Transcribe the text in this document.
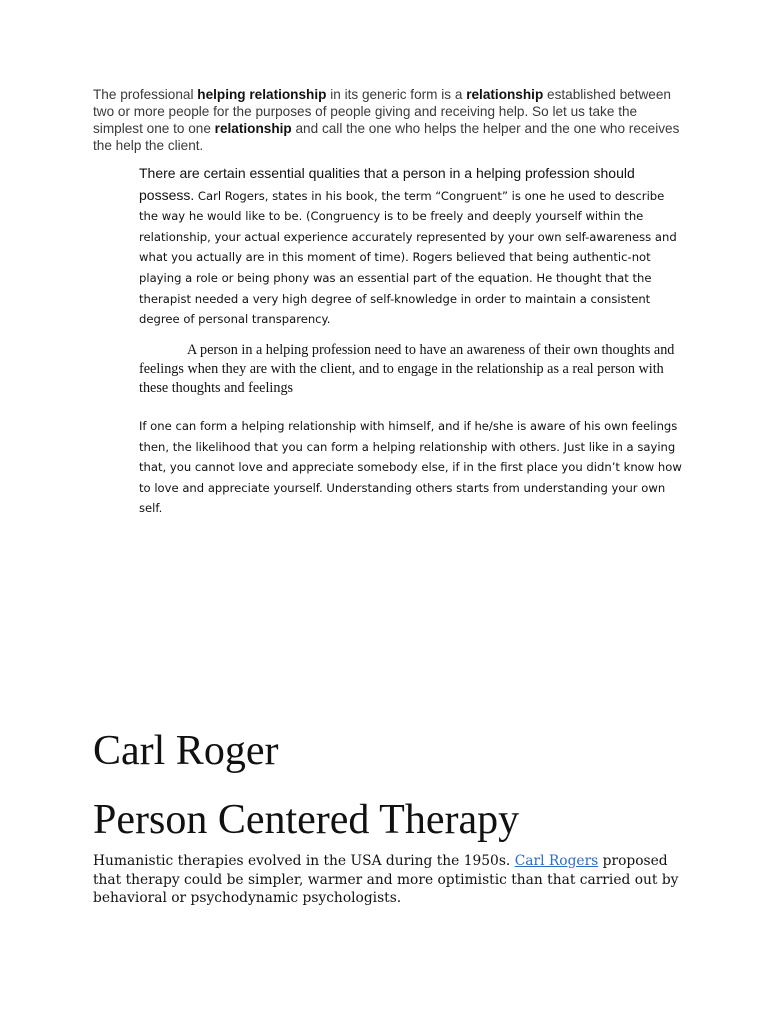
The professional helping relationship in its generic form is a relationship established between two or more people for the purposes of people giving and receiving help. So let us take the simplest one to one relationship and call the one who helps the helper and the one who receives the help the client.

There are certain essential qualities that a person in a helping profession should possess. Carl Rogers, states in his book, the term “Congruent” is one he used to describe the way he would like to be. (Congruency is to be freely and deeply yourself within the relationship, your actual experience accurately represented by your own self-awareness and what you actually are in this moment of time). Rogers believed that being authentic-not playing a role or being phony was an essential part of the equation. He thought that the therapist needed a very high degree of self-knowledge in order to maintain a consistent degree of personal transparency.

A person in a helping profession need to have an awareness of their own thoughts and feelings when they are with the client, and to engage in the relationship as a real person with these thoughts and feelings

If one can form a helping relationship with himself, and if he/she is aware of his own feelings then, the likelihood that you can form a helping relationship with others. Just like in a saying that, you cannot love and appreciate somebody else, if in the first place you didn’t know how to love and appreciate yourself. Understanding others starts from understanding your own self.

Carl Roger
Person Centered Therapy

Humanistic therapies evolved in the USA during the 1950s. Carl Rogers proposed that therapy could be simpler, warmer and more optimistic than that carried out by behavioral or psychodynamic psychologists.
